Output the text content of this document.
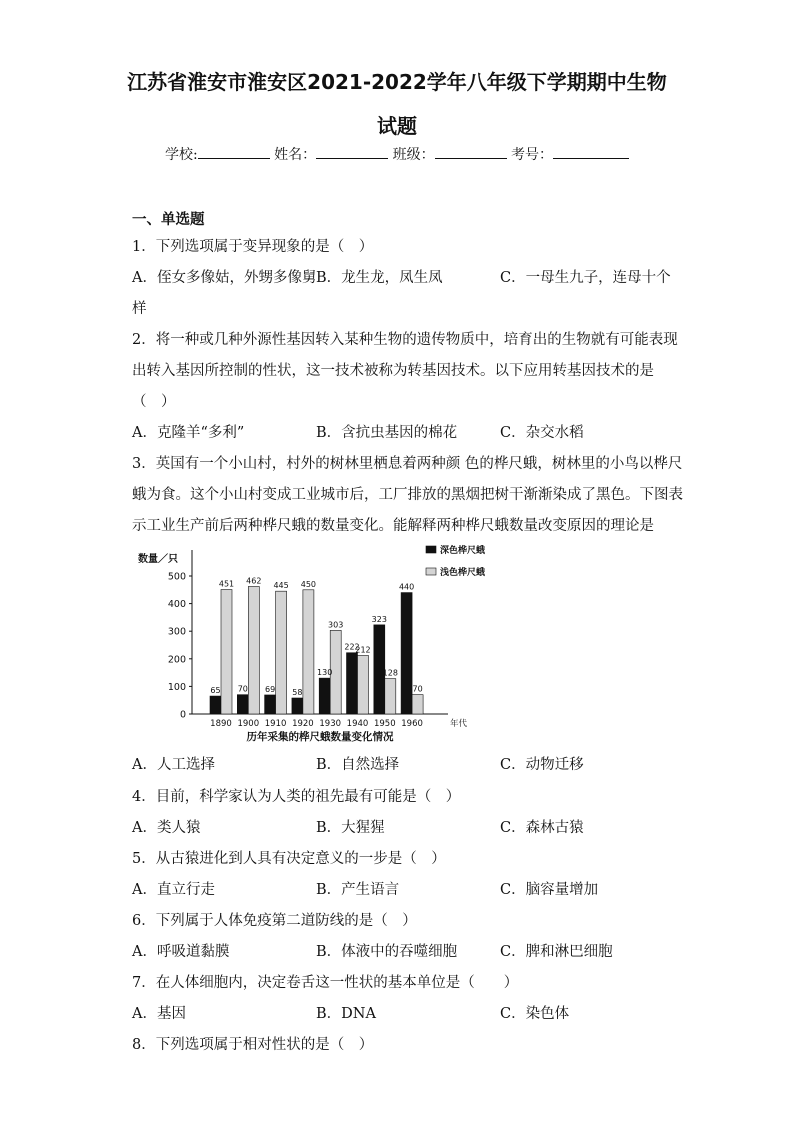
江苏省淮安市淮安区2021-2022学年八年级下学期期中生物
试题
学校:	姓名：	班级：	考号：
一、单选题
1．下列选项属于变异现象的是（　）
A．侄女多像姑，外甥多像舅 B．龙生龙，凤生凤	C．一母生九子，连母十个
样
2．将一种或几种外源性基因转入某种生物的遗传物质中，培育出的生物就有可能表现
出转入基因所控制的性状，这一技术被称为转基因技术。以下应用转基因技术的是
（　）
A．克隆羊“多利”	B．含抗虫基因的棉花	C．杂交水稻
3．英国有一个小山村，村外的树林里栖息着两种颜 色的桦尺蛾，树林里的小鸟以桦尺
蛾为食。这个小山村变成工业城市后，工厂排放的黑烟把树干渐渐染成了黑色。下图表
示工业生产前后两种桦尺蛾的数量变化。能解释两种桦尺蛾数量改变原因的理论是
数量／只
0
100
200
300
400
500
65
451
1890
70
462
1900
69
445
1910
58
450
1920
130
303
1930
222
212
1940
323
128
1950
440
70
1960	年代
深色桦尺蛾
浅色桦尺蛾
历年采集的桦尺蛾数量变化情况
A．人工选择	B．自然选择	C．动物迁移
4．目前，科学家认为人类的祖先最有可能是（　）
A．类人猿	B．大猩猩	C．森林古猿
5．从古猿进化到人具有决定意义的一步是（　）
A．直立行走	B．产生语言	C．脑容量增加
6．下列属于人体免疫第二道防线的是（　）
A．呼吸道黏膜	B．体液中的吞噬细胞	C．脾和淋巴细胞
7．在人体细胞内，决定卷舌这一性状的基本单位是（　　）
A．基因	B．DNA	C．染色体
8．下列选项属于相对性状的是（　）
